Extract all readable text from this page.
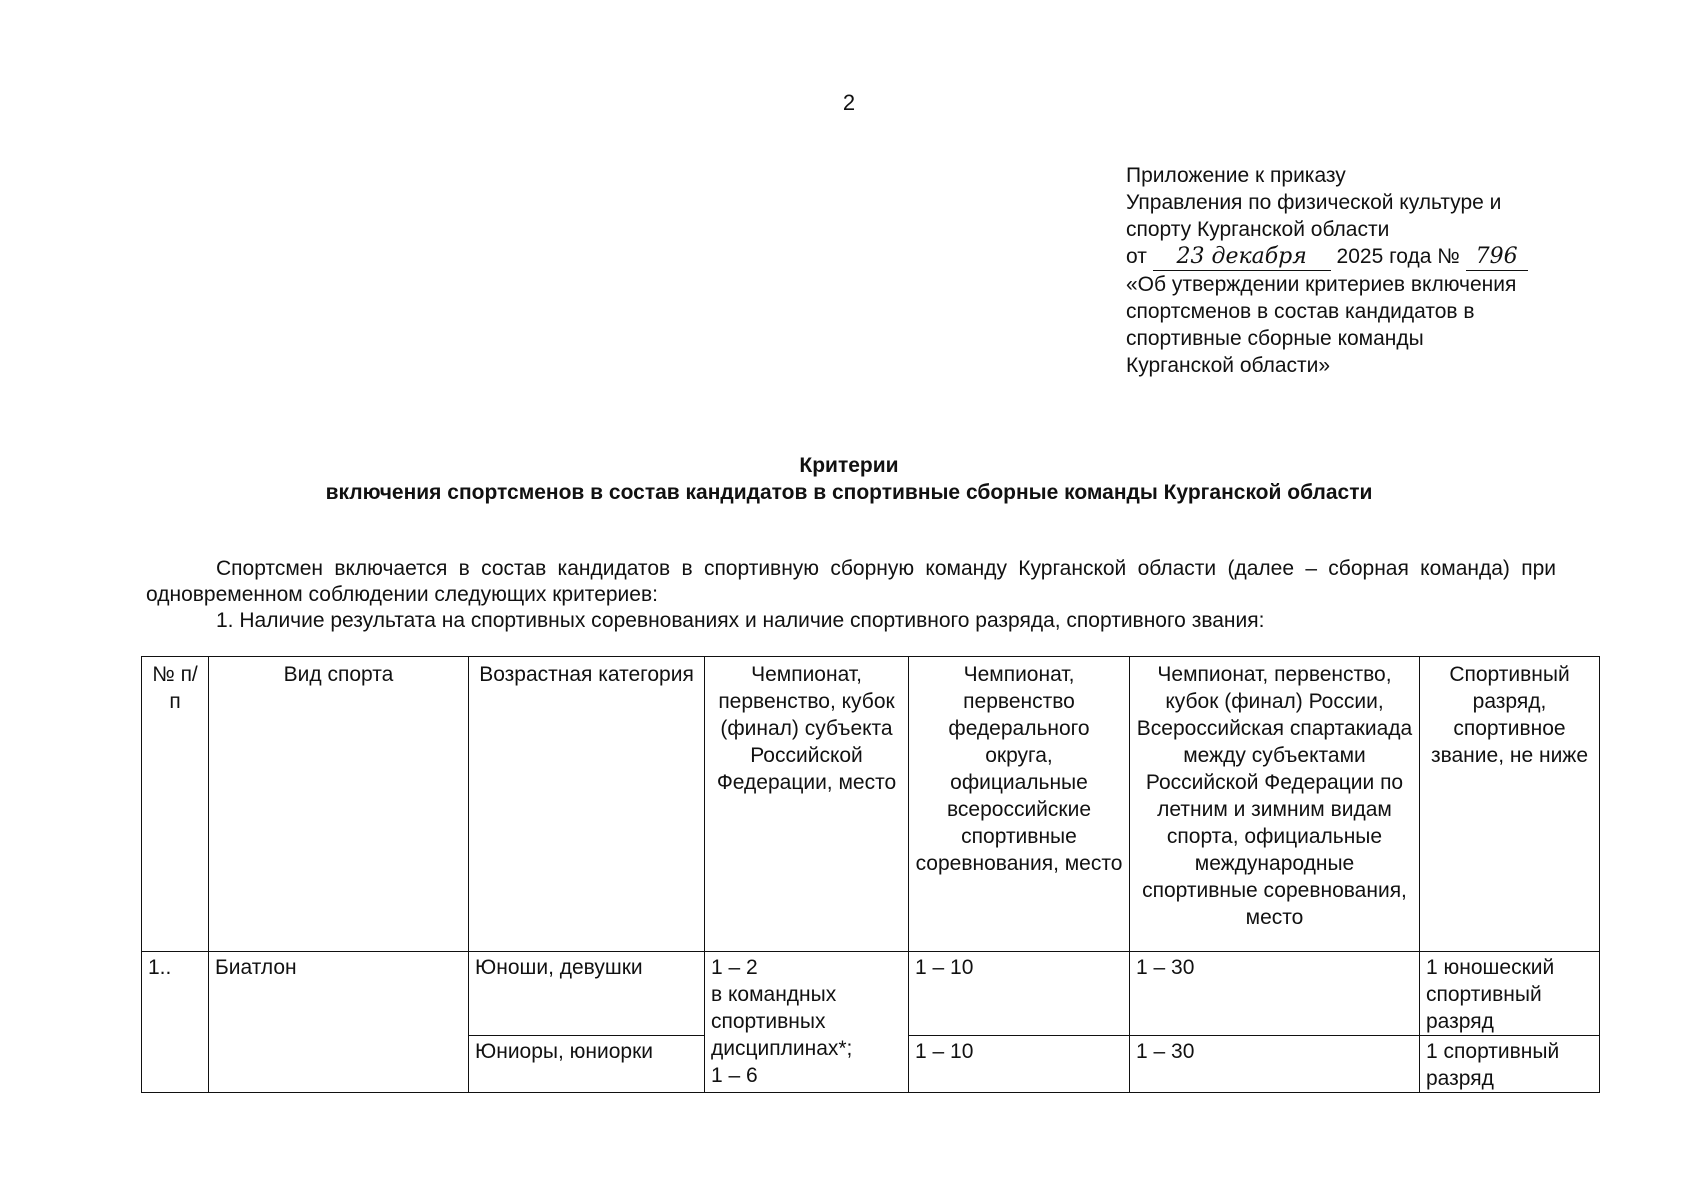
2
Приложение к приказу
Управления по физической культуре и
спорту Курганской области
от 23 декабря 2025 года № 796
«Об утверждении критериев включения
спортсменов в состав кандидатов в
спортивные сборные команды
Курганской области»
Критерии
включения спортсменов в состав кандидатов в спортивные сборные команды Курганской области
Спортсмен включается в состав кандидатов в спортивную сборную команду Курганской области (далее – сборная команда) при одновременном соблюдении следующих критериев:
1. Наличие результата на спортивных соревнованиях и наличие спортивного разряда, спортивного звания:
№ п/п	Вид спорта	Возрастная категория	Чемпионат, первенство, кубок (финал) субъекта Российской Федерации, место	Чемпионат, первенство федерального округа, официальные всероссийские спортивные соревнования, место	Чемпионат, первенство, кубок (финал) России, Всероссийская спартакиада между субъектами Российской Федерации по летним и зимним видам спорта, официальные международные спортивные соревнования, место	Спортивный разряд, спортивное звание, не ниже
1..	Биатлон	Юноши, девушки	1 – 2
в командных спортивных дисциплинах*;
1 – 6	1 – 10	1 – 30	1 юношеский спортивный разряд
		Юниоры, юниорки		1 – 10	1 – 30	1 спортивный разряд
